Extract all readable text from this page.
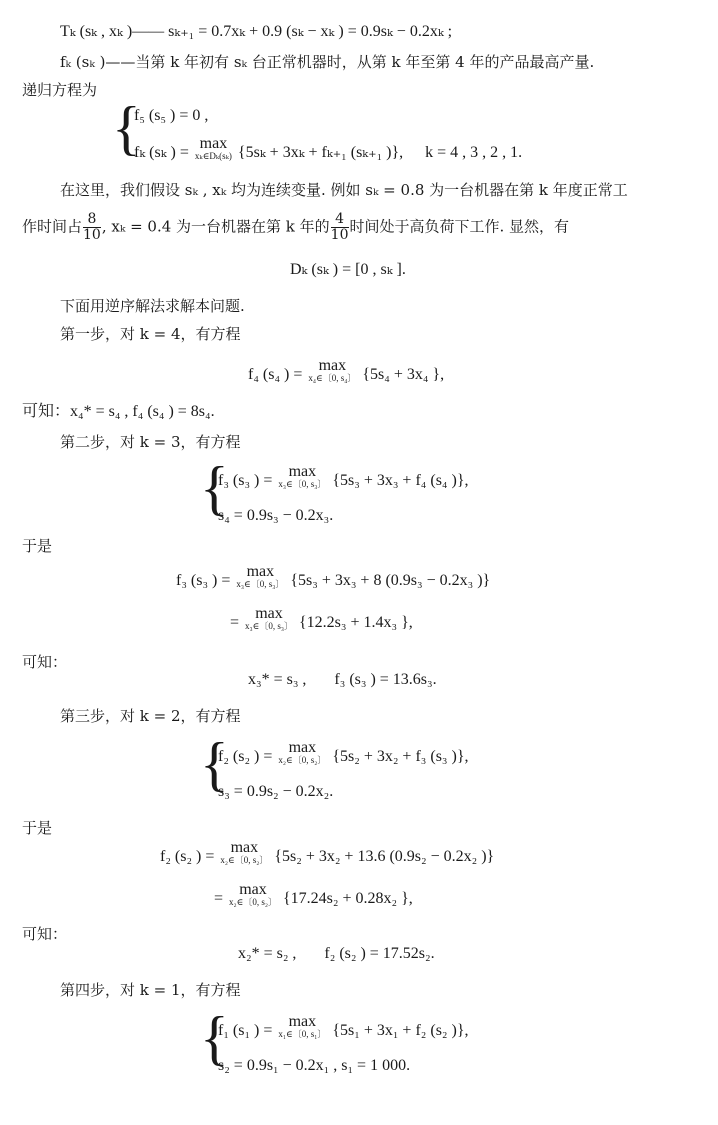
Tₖ (sₖ , xₖ )—— sₖ₊₁ = 0.7xₖ + 0.9 (sₖ − xₖ ) = 0.9sₖ − 0.2xₖ ;
fₖ (sₖ )——当第 k 年初有 sₖ 台正常机器时，从第 k 年至第 4 年的产品最高产量.
递归方程为
{
f₅ (s₅ ) = 0 ,
fₖ (sₖ ) =
max
xₖ∈Dₖ(sₖ) {5sₖ + 3xₖ + fₖ₊₁ (sₖ₊₁ )}, k = 4 , 3 , 2 , 1.
在这里，我们假设 sₖ , xₖ 均为连续变量. 例如 sₖ = 0.8 为一台机器在第 k 年度正常工
作时间占 $\frac{8}{10}$ , xₖ = 0.4 为一台机器在第 k 年的 $\frac{4}{10}$ 时间处于高负荷下工作. 显然，有
Dₖ (sₖ ) = [0 , sₖ ].
下面用逆序解法求解本问题.
第一步，对 k = 4，有方程
f₄ (s₄ ) =
max
x₄∈〔0, s₄〕 {5s₄ + 3x₄ },
可知：x₄* = s₄ , f₄ (s₄ ) = 8s₄.
第二步，对 k = 3，有方程
{
f₃ (s₃ ) =
max
x₃∈〔0, s₃〕 {5s₃ + 3x₃ + f₄ (s₄ )},
s₄ = 0.9s₃ − 0.2x₃.
于是
f₃ (s₃ ) =
max
x₃∈〔0, s₃〕 {5s₃ + 3x₃ + 8 (0.9s₃ − 0.2x₃ )}
=
max
x₃∈〔0, s₃〕 {12.2s₃ + 1.4x₃ },
可知：
x₃* = s₃ , f₃ (s₃ ) = 13.6s₃.
第三步，对 k = 2，有方程
{
f₂ (s₂ ) =
max
x₂∈〔0, s₂〕 {5s₂ + 3x₂ + f₃ (s₃ )},
s₃ = 0.9s₂ − 0.2x₂.
于是
f₂ (s₂ ) =
max
x₂∈〔0, s₂〕 {5s₂ + 3x₂ + 13.6 (0.9s₂ − 0.2x₂ )}
=
max
x₂∈〔0, s₂〕 {17.24s₂ + 0.28x₂ },
可知：
x₂* = s₂ , f₂ (s₂ ) = 17.52s₂.
第四步，对 k = 1，有方程
{
f₁ (s₁ ) =
max
x₁∈〔0, s₁〕 {5s₁ + 3x₁ + f₂ (s₂ )},
s₂ = 0.9s₁ − 0.2x₁ , s₁ = 1 000.
